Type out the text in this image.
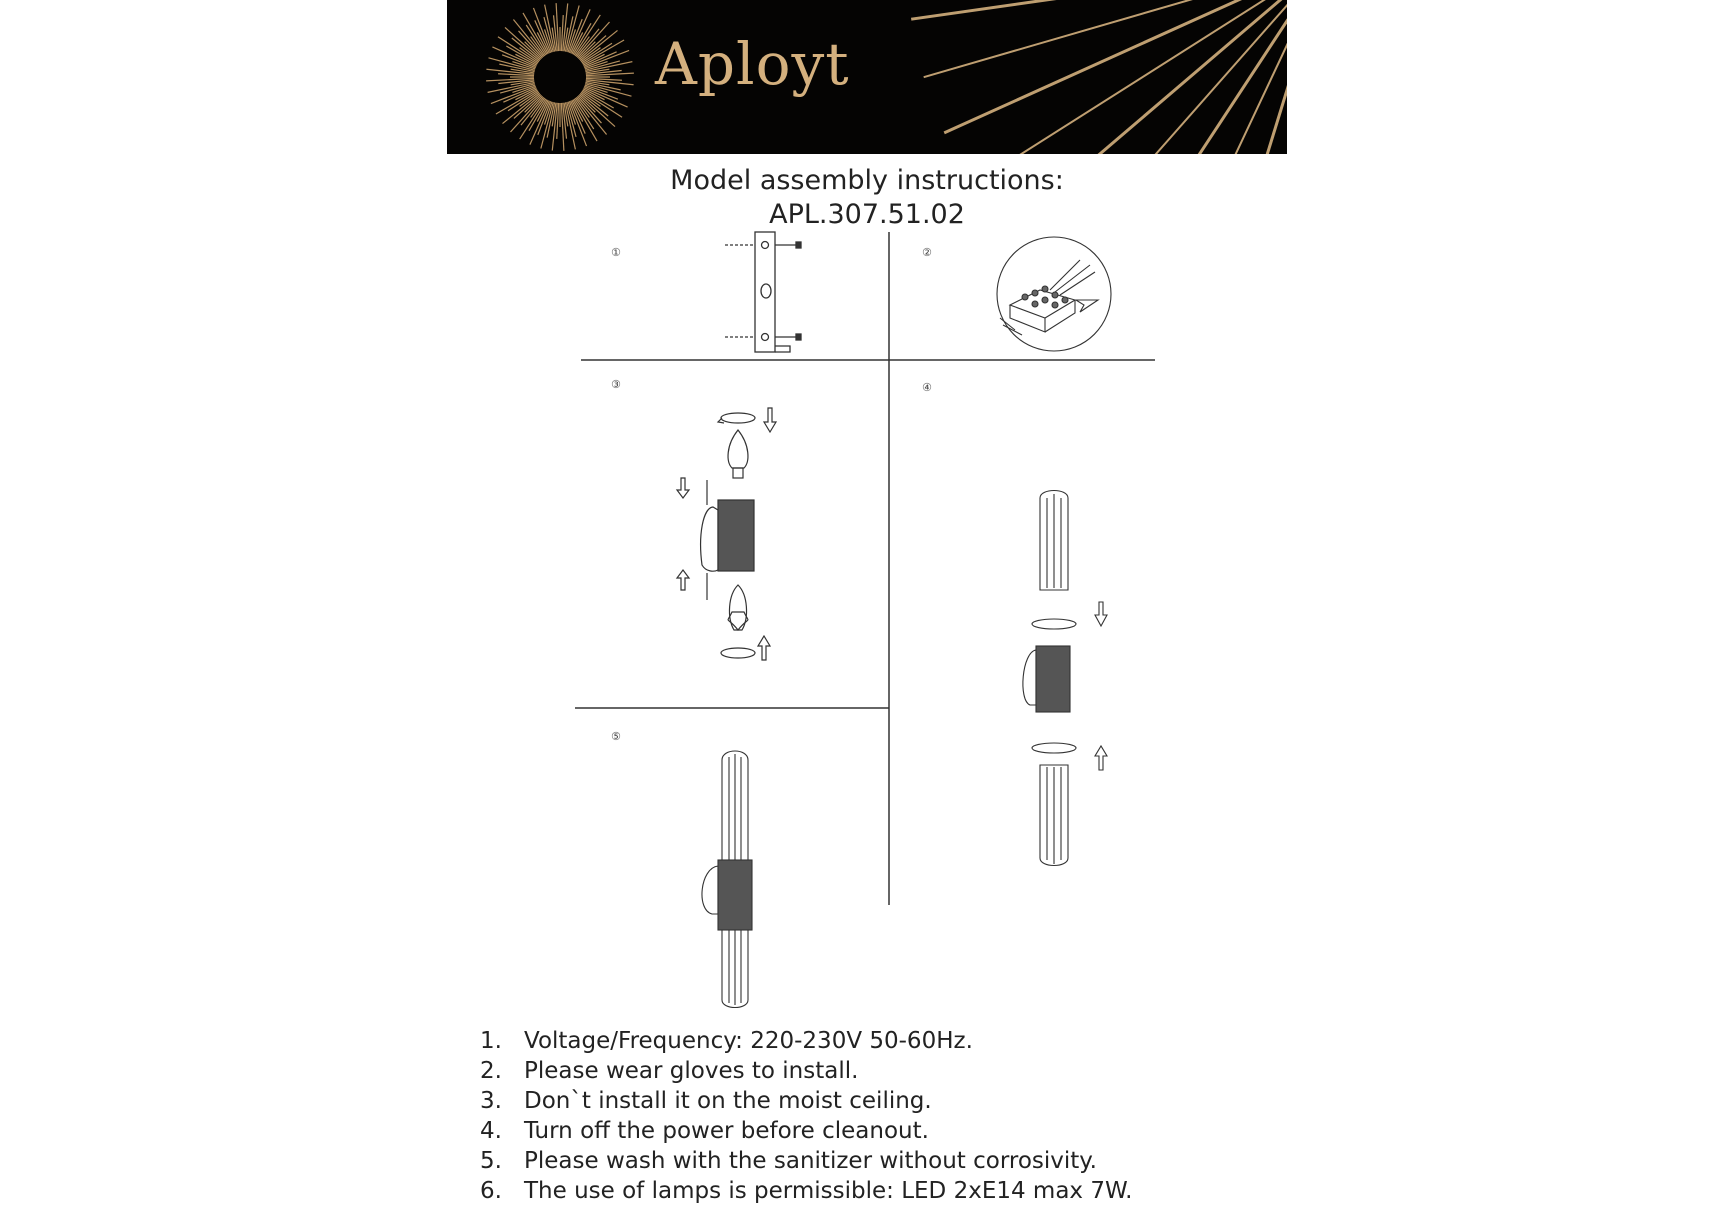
Aployt
Model assembly instructions:
APL.307.51.02
①	②
③	④
⑤
1. Voltage/Frequency: 220-230V 50-60Hz.
2. Please wear gloves to install.
3. Don`t install it on the moist ceiling.
4. Turn off the power before cleanout.
5. Please wash with the sanitizer without corrosivity.
6. The use of lamps is permissible: LED 2xE14 max 7W.
